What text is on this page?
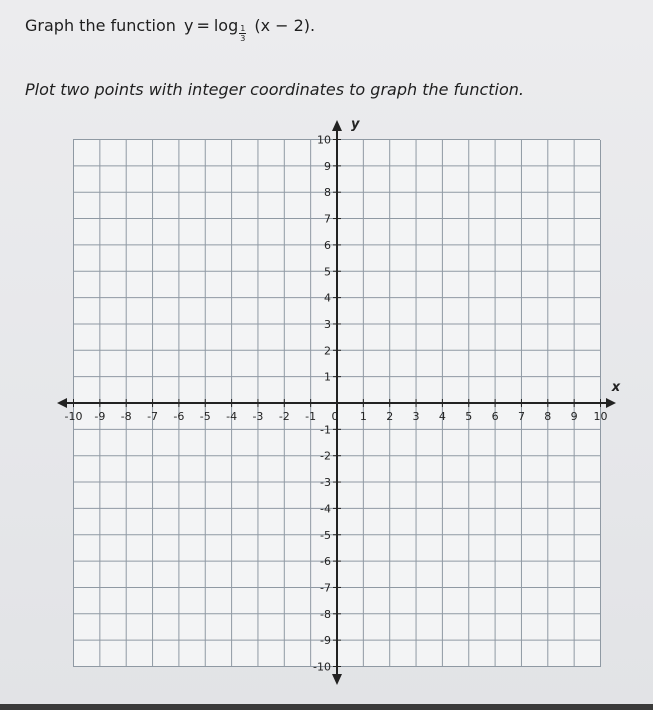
Graph the function $y = \log \frac{1}{3} (x - 2)$.
Plot two points with integer coordinates to graph the function.
-10 -9 -8 -7 -6 -5 -4 -3 -2 -1 0 1 2 3 4 5 6 7 8 9 10
10
9
8
7
6
5
4
3
2
1
-1
-2
-3
-4
-5
-6
-7
-8
-9
-10
x
y
